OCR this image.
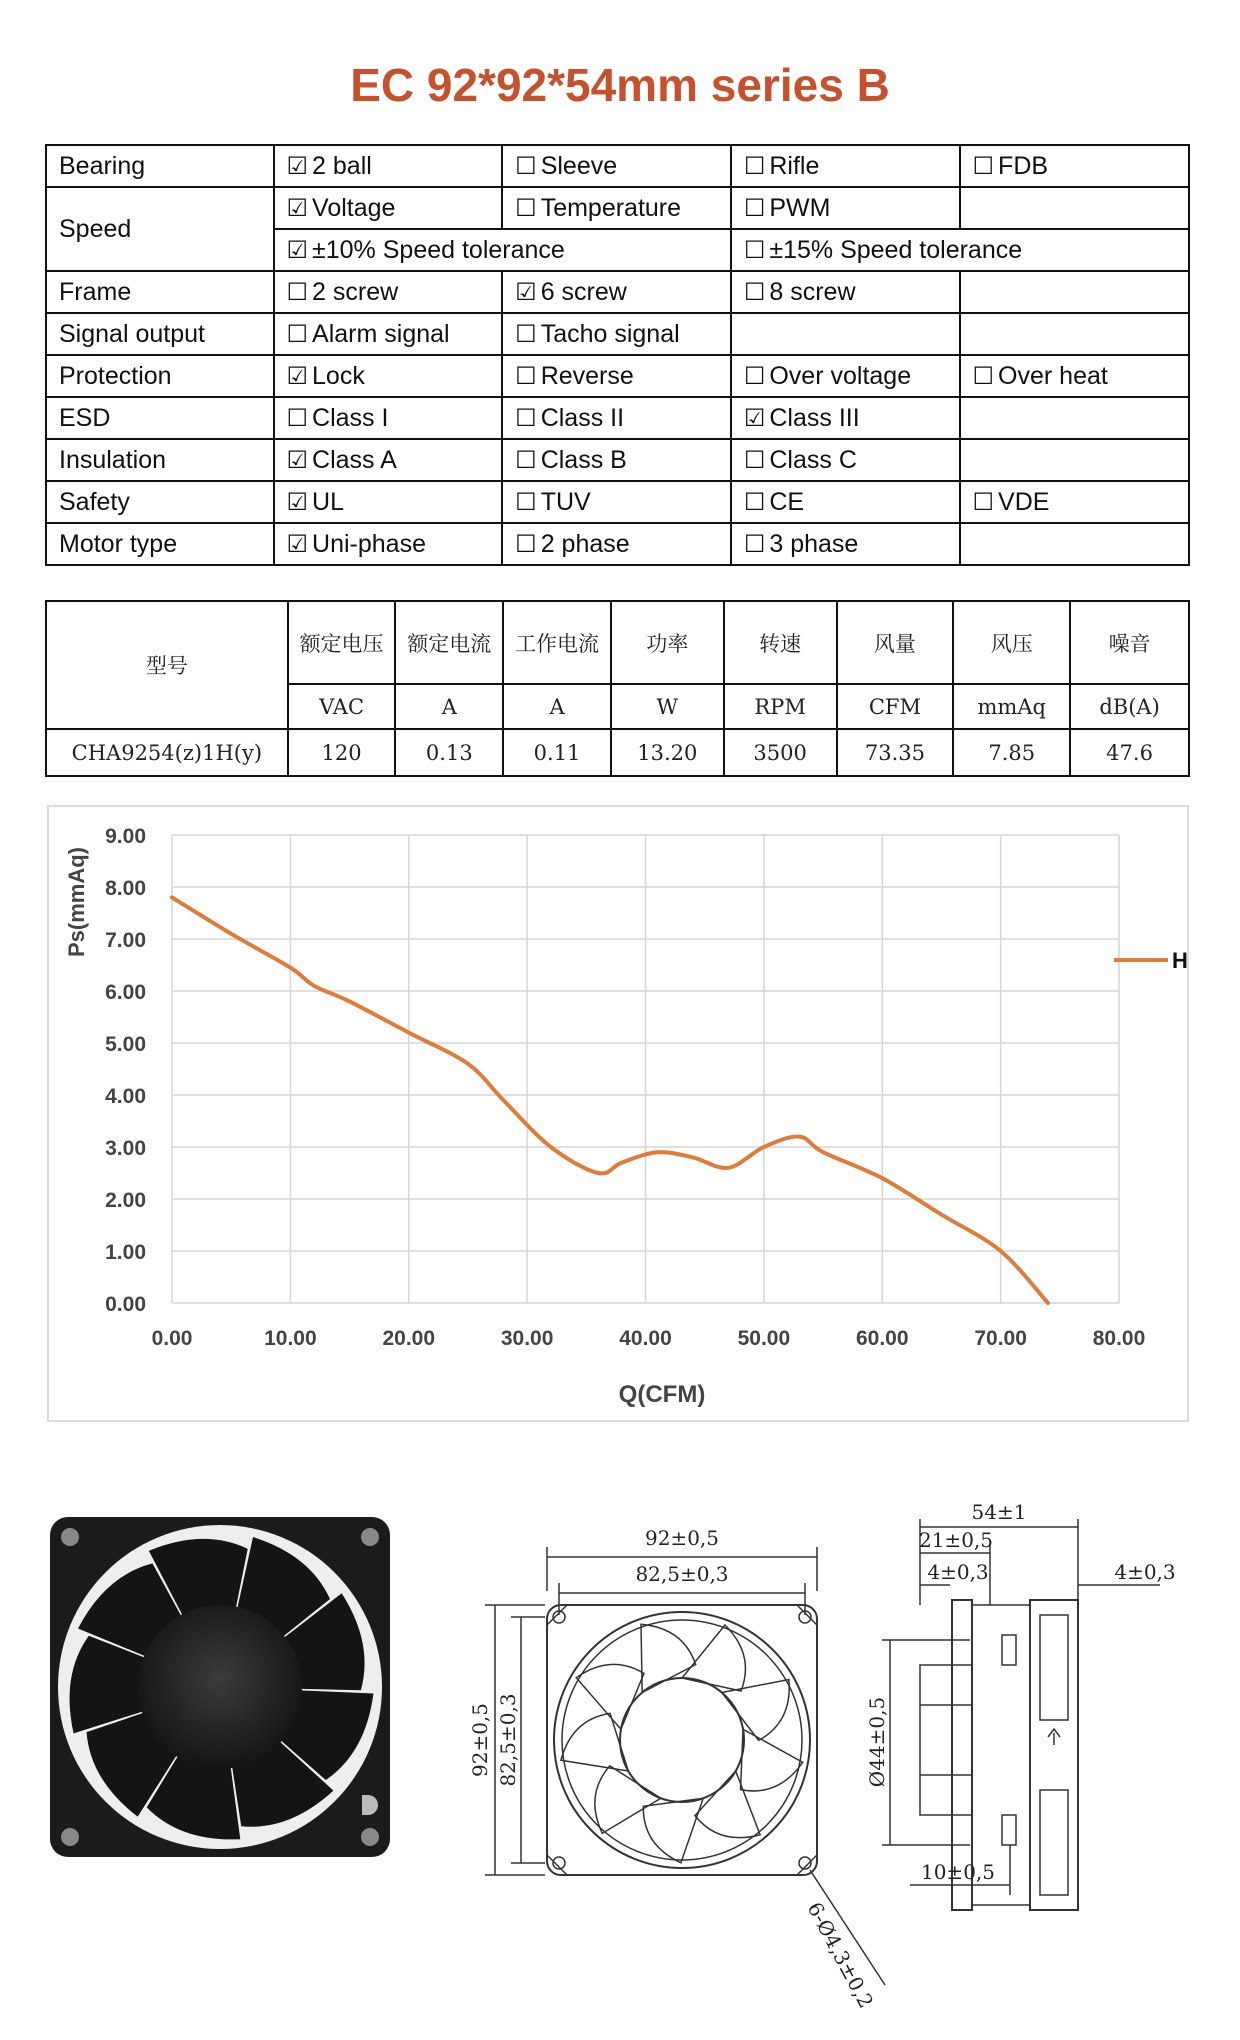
EC 92*92*54mm series B
Bearing	☑ 2 ball	☐ Sleeve	☐ Rifle	☐ FDB
Speed	☑ Voltage	☐ Temperature	☐ PWM	
	☑ ±10% Speed tolerance		☐ ±15% Speed tolerance	
Frame	☐ 2 screw	☑ 6 screw	☐ 8 screw	
Signal output	☐ Alarm signal	☐ Tacho signal		
Protection	☑ Lock	☐ Reverse	☐ Over voltage	☐ Over heat
ESD	☐ Class I	☐ Class II	☑ Class III	
Insulation	☑ Class A	☐ Class B	☐ Class C	
Safety	☑ UL	☐ TUV	☐ CE	☐ VDE
Motor type	☑ Uni-phase	☐ 2 phase	☐ 3 phase	
型号	额定电压	额定电流	工作电流	功率	转速	风量	风压	噪音
	VAC	A	A	W	RPM	CFM	mmAq	dB(A)
CHA9254(z)1H(y)	120	0.13	0.11	13.20	3500	73.35	7.85	47.6
0.00
1.00
2.00
3.00
4.00
5.00
6.00
7.00
8.00
9.00
0.00	10.00	20.00	30.00	40.00	50.00	60.00	70.00	80.00
Q(CFM)
Ps(mmAq)
H
92±0,5
82,5±0,3
92±0,5 82,5±0,3
6-Ø4,3±0,2
54±1
21±0,5
4±0,3	4±0,3
Ø44±0,5
10±0,5
